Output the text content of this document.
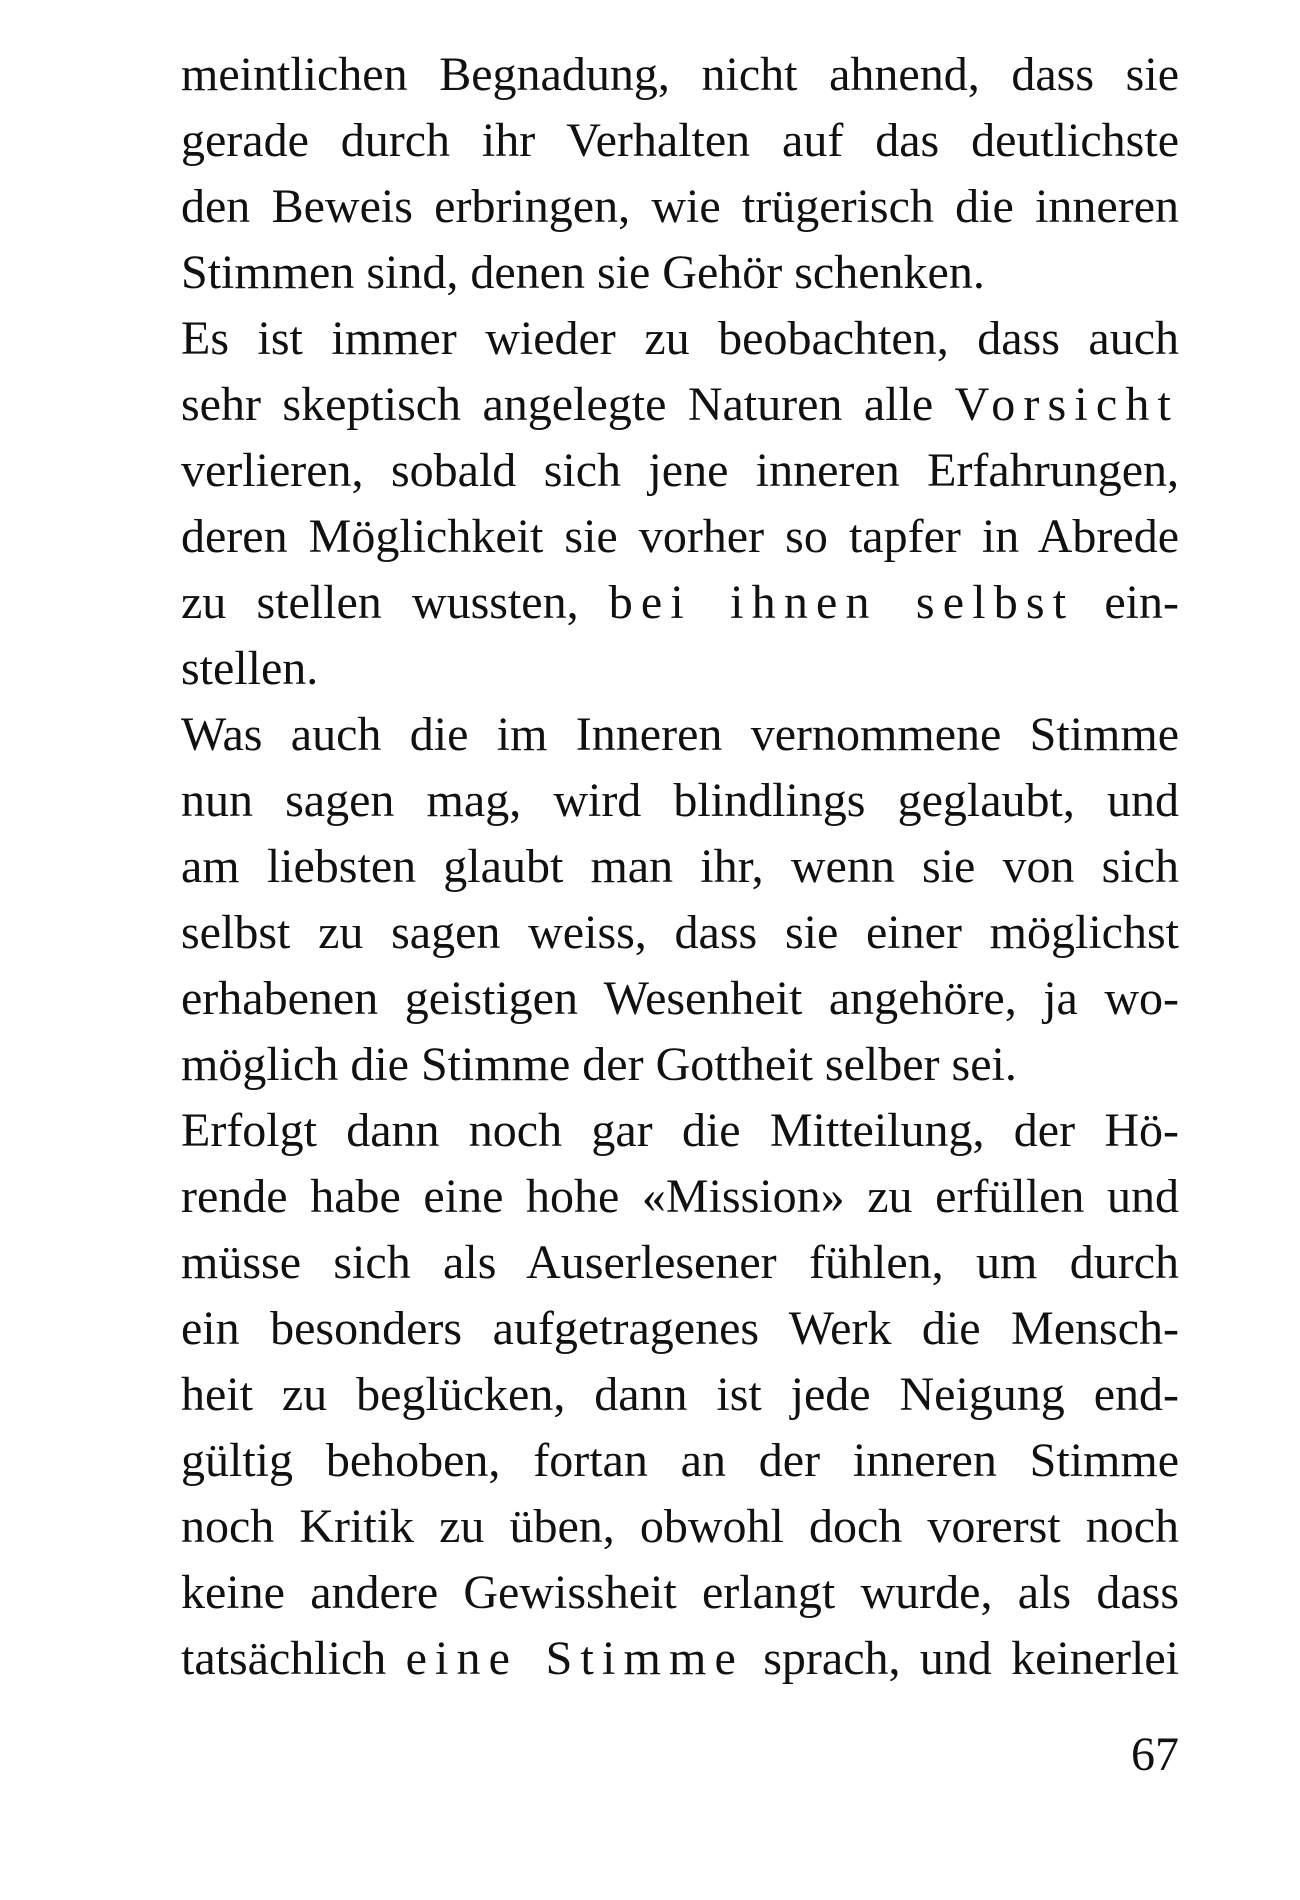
meintlichen Begnadung, nicht ahnend, dass sie
gerade durch ihr Verhalten auf das deutlichste
den Beweis erbringen, wie trügerisch die inneren
Stimmen sind, denen sie Gehör schenken.
Es ist immer wieder zu beobachten, dass auch
sehr skeptisch angelegte Naturen alle Vorsicht
verlieren, sobald sich jene inneren Erfahrungen,
deren Möglichkeit sie vorher so tapfer in Abrede
zu stellen wussten, bei ihnen selbst ein-
stellen.
Was auch die im Inneren vernommene Stimme
nun sagen mag, wird blindlings geglaubt, und
am liebsten glaubt man ihr, wenn sie von sich
selbst zu sagen weiss, dass sie einer möglichst
erhabenen geistigen Wesenheit angehöre, ja wo-
möglich die Stimme der Gottheit selber sei.
Erfolgt dann noch gar die Mitteilung, der Hö-
rende habe eine hohe «Mission» zu erfüllen und
müsse sich als Auserlesener fühlen, um durch
ein besonders aufgetragenes Werk die Mensch-
heit zu beglücken, dann ist jede Neigung end-
gültig behoben, fortan an der inneren Stimme
noch Kritik zu üben, obwohl doch vorerst noch
keine andere Gewissheit erlangt wurde, als dass
tatsächlich eine Stimme sprach, und keinerlei
67
